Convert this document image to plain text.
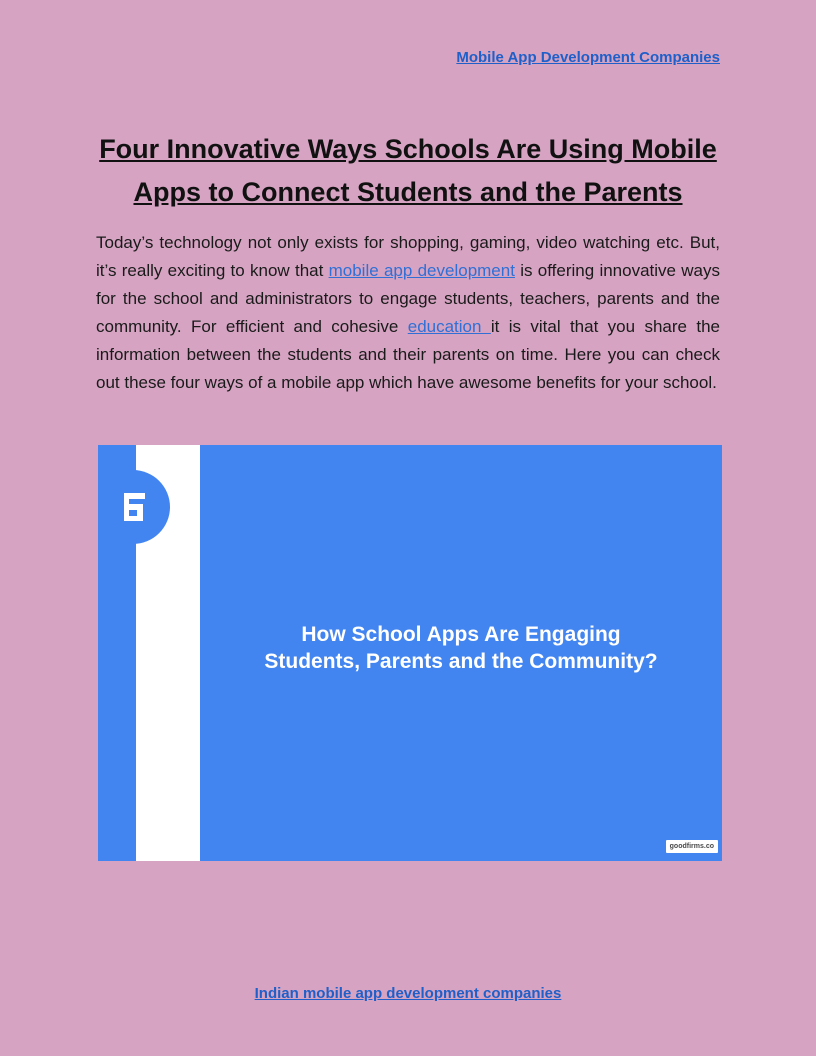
Mobile App Development Companies
Four Innovative Ways Schools Are Using Mobile Apps to Connect Students and the Parents

Today’s technology not only exists for shopping, gaming, video watching etc. But, it’s really exciting to know that mobile app development is offering innovative ways for the school and administrators to engage students, teachers, parents and the community. For efficient and cohesive education it is vital that you share the information between the students and their parents on time. Here you can check out these four ways of a mobile app which have awesome benefits for your school.

How School Apps Are Engaging
Students, Parents and the Community?
goodfirms.co
Indian mobile app development companies
